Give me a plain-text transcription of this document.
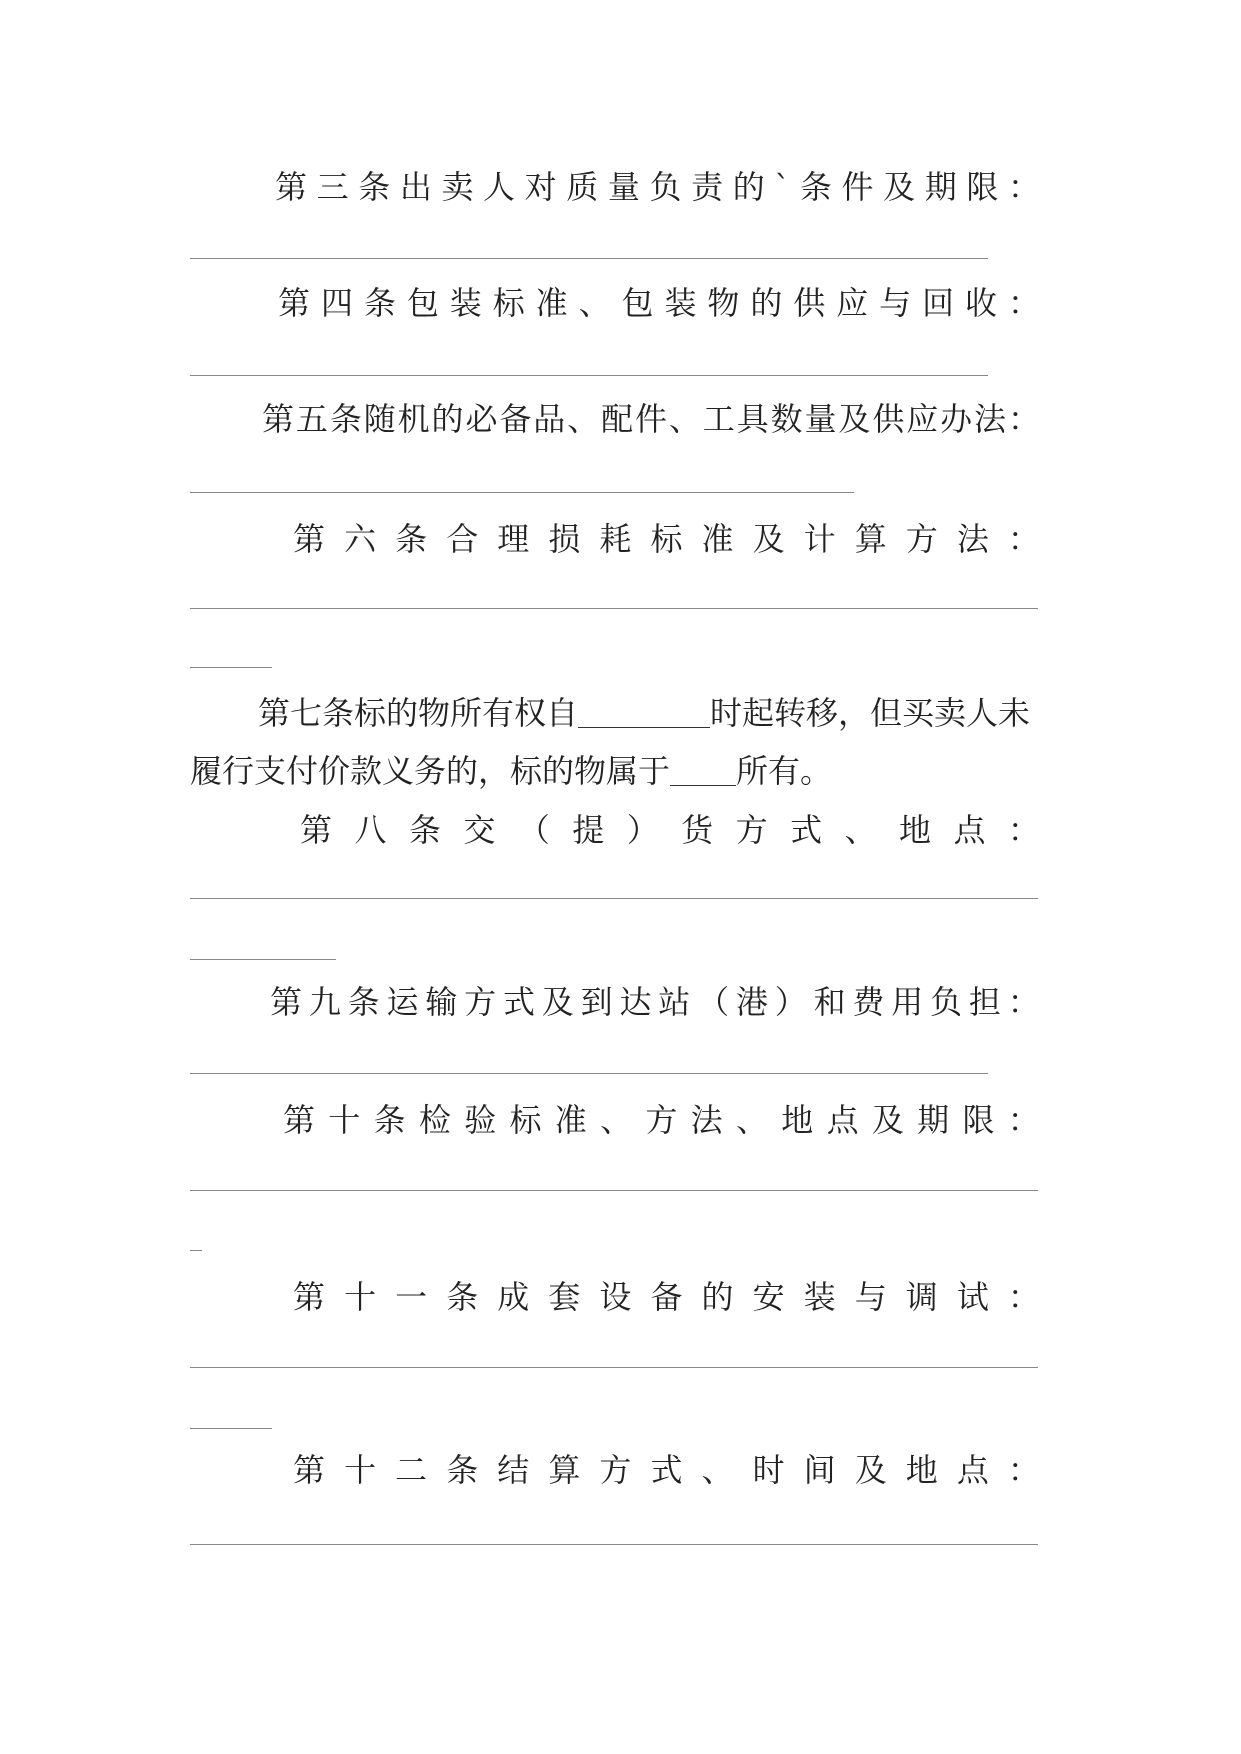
第 三 条 出 卖 人 对 质 量 负 责 的 ` 条 件 及 期 限 ：
第 四 条 包 装 标 准 、 包 装 物 的 供 应 与 回 收 ：
第 五 条 随 机 的 必 备 品 、 配 件 、 工 具 数 量 及 供 应 办 法 ：
第 六 条 合 理 损 耗 标 准 及 计 算 方 法 ：
第七条标的物所有权自	时起转移，但买卖人未
履行支付价款义务的，标的物属于 所有。
第 八 条 交 （ 提 ） 货 方 式 、 地 点 ：
第 九 条 运 输 方 式 及 到 达 站 （ 港 ） 和 费 用 负 担 ：
第 十 条 检 验 标 准 、 方 法 、 地 点 及 期 限 ：
第 十 一 条 成 套 设 备 的 安 装 与 调 试 ：
第 十 二 条 结 算 方 式 、 时 间 及 地 点 ：
